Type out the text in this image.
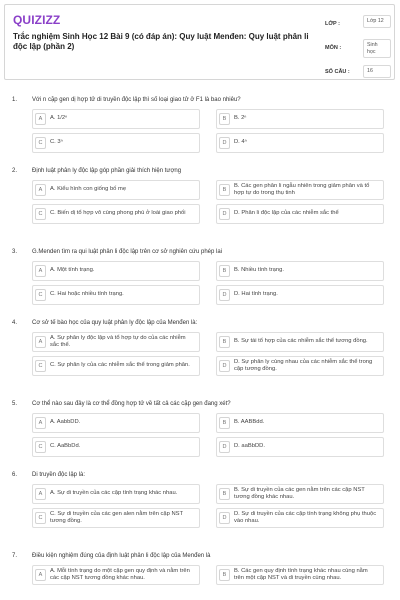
QUIZIZZ
Trắc nghiệm Sinh Học 12 Bài 9 (có đáp án): Quy luật Menđen: Quy luật phân li độc lập (phần 2)
LỚP :	Lớp 12
MÔN :	Sinh học
SỐ CÂU :	16
1. Với n cặp gen dị hợp tử di truyền độc lập thì số loại giao tử ở F1 là bao nhiêu?
A	A. 1/2ⁿ	B	B. 2ⁿ
C	C. 3ⁿ	D	D. 4ⁿ
2. Định luật phân ly độc lập góp phần giải thích hiện tượng
A	A. Kiểu hình con giống bố mẹ	B
B. Các gen phân li ngẫu nhiên trong giảm phân và tổ hợp tự do trong thụ tinh
C	C. Biến dị tổ hợp vô cùng phong phú ở loài giao phối	D	D. Phân li độc lập của các nhiễm sắc thể
3. G.Menden tìm ra qui luật phân li độc lập trên cơ sở nghiên cứu phép lai
A	A. Một tính trạng.	B	B. Nhiều tính trạng.
C	C. Hai hoặc nhiều tính trạng.	D	D. Hai tính trạng.
4. Cơ sở tế bào học của quy luật phân ly độc lập của Menđen là:
A
A. Sự phân ly độc lập và tổ hợp tự do của các nhiễm sắc thể.	B	B. Sự tái tổ hợp của các nhiễm sắc thể tương đồng.
C	C. Sự phân ly của các nhiễm sắc thể trong giảm phân.	D
D. Sự phân ly cùng nhau của các nhiễm sắc thể trong cặp tương đồng.
5. Cơ thể nào sau đây là cơ thể đồng hợp tử về tất cả các cặp gen đang xét?
A	A. AabbDD.	B	B. AABBdd.
C	C. AaBbDd.	D	D. aaBbDD.
6. Di truyền độc lập là:
A	A. Sự di truyền của các cặp tính trạng khác nhau.	B
B. Sự di truyền của các gen nằm trên các cặp NST tương đồng khác nhau.
C
C. Sự di truyền của các gen alen nằm trên cặp NST tương đồng.	D
D. Sự di truyền của các cặp tính trạng không phụ thuộc vào nhau.
7. Điều kiện nghiệm đúng của định luật phân li độc lập của Menđen là
A
A. Mỗi tính trạng do một cặp gen quy định và nằm trên các cặp NST tương đồng khác nhau.	B
B. Các gen quy định tính trạng khác nhau cùng nằm trên một cặp NST và di truyền cùng nhau.
